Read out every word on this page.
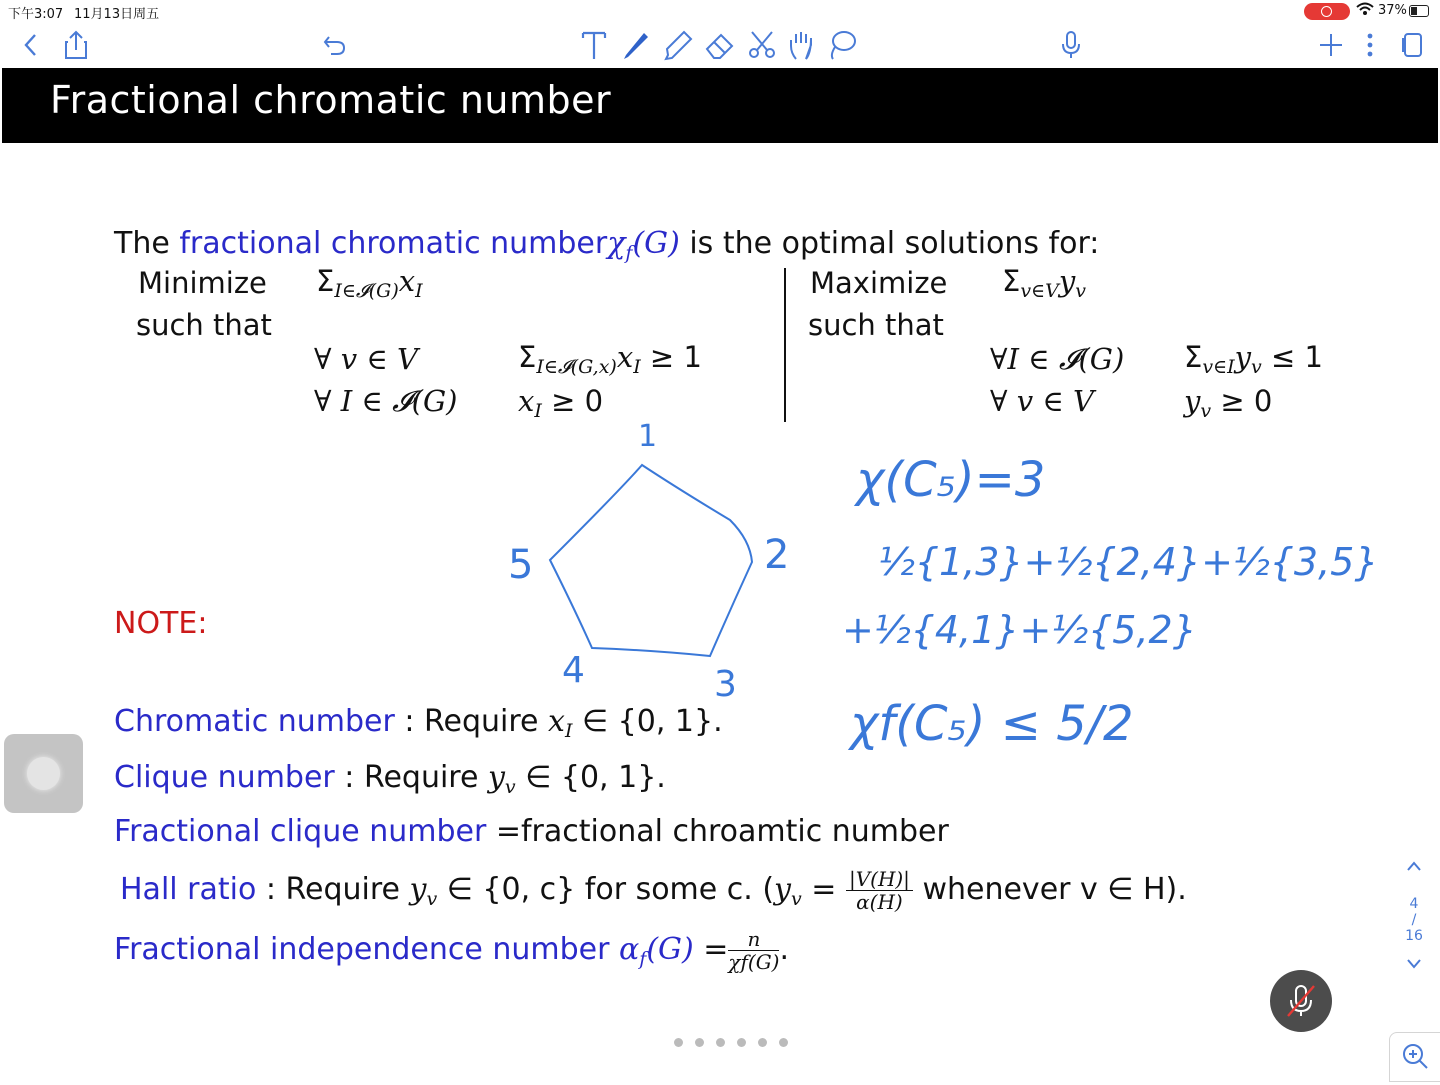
下午3:07 11月13日周五	37%
Fractional chromatic number
The fractional chromatic numberχ$_f$(G) is the optimal solutions for:
Minimize $\Sigma_{I\in 𝓘(G)}x_I$
such that
∀ v ∈ V	$\Sigma_{I\in 𝓘(G,x)}x_I \ge 1$
∀ I ∈ 𝓘(G) $x_I \ge 0$
Maximize $\Sigma_{v\in V}y_v$
such that
∀I ∈ 𝓘(G) $\Sigma_{v\in I}y_v \le 1$
∀ v ∈ V	$y_v \ge 0$
1
2
3
4
5
χ(C₅)=3
½{1,3}+½{2,4}+½{3,5}
+½{4,1}+½{5,2}
χf(C₅) ≤ 5/2
NOTE:
Chromatic number : Require $x_I$ ∈ {0, 1}.
Clique number : Require $y_v$ ∈ {0, 1}.
Fractional clique number =fractional chroamtic number
Hall ratio : Require $y_v$ ∈ {0, c} for some c. ($y_v = \frac{|V(H)|}{\alpha(H)}$ whenever v ∈ H).
Fractional independence number $\alpha_f(G) = \frac{n}{\chi f(G)}$ .
4
/
16
